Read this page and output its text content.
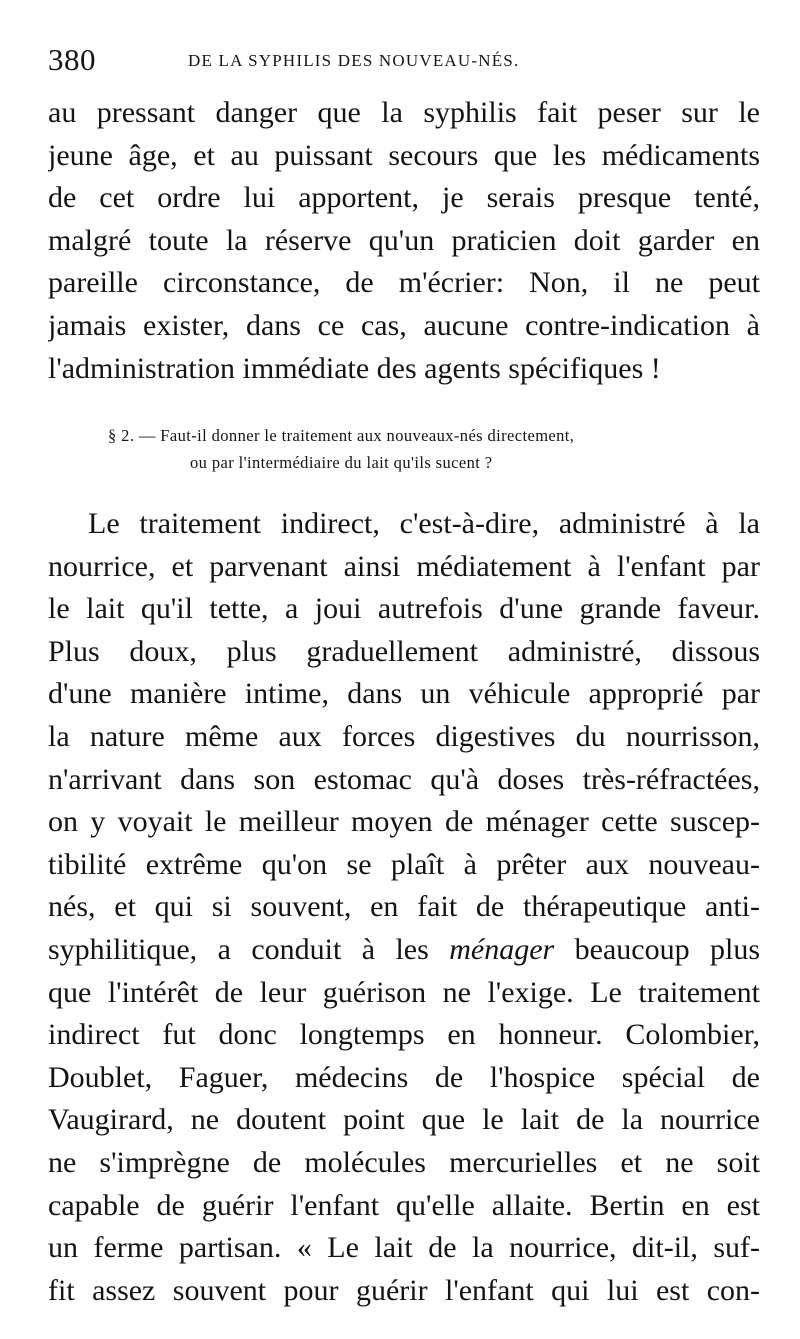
380	DE LA SYPHILIS DES NOUVEAU-NÉS.
au pressant danger que la syphilis fait peser sur le
jeune âge, et au puissant secours que les médicaments
de cet ordre lui apportent, je serais presque tenté,
malgré toute la réserve qu'un praticien doit garder en
pareille circonstance, de m'écrier: Non, il ne peut
jamais exister, dans ce cas, aucune contre-indication à
l'administration immédiate des agents spécifiques !
§ 2. — Faut-il donner le traitement aux nouveaux-nés directement,
ou par l'intermédiaire du lait qu'ils sucent ?
Le traitement indirect, c'est-à-dire, administré à la
nourrice, et parvenant ainsi médiatement à l'enfant par
le lait qu'il tette, a joui autrefois d'une grande faveur.
Plus doux, plus graduellement administré, dissous
d'une manière intime, dans un véhicule approprié par
la nature même aux forces digestives du nourrisson,
n'arrivant dans son estomac qu'à doses très-réfractées,
on y voyait le meilleur moyen de ménager cette suscep-
tibilité extrême qu'on se plaît à prêter aux nouveau-
nés, et qui si souvent, en fait de thérapeutique anti-
syphilitique, a conduit à les ménager beaucoup plus
que l'intérêt de leur guérison ne l'exige. Le traitement
indirect fut donc longtemps en honneur. Colombier,
Doublet, Faguer, médecins de l'hospice spécial de
Vaugirard, ne doutent point que le lait de la nourrice
ne s'imprègne de molécules mercurielles et ne soit
capable de guérir l'enfant qu'elle allaite. Bertin en est
un ferme partisan. « Le lait de la nourrice, dit-il, suf-
fit assez souvent pour guérir l'enfant qui lui est con-
